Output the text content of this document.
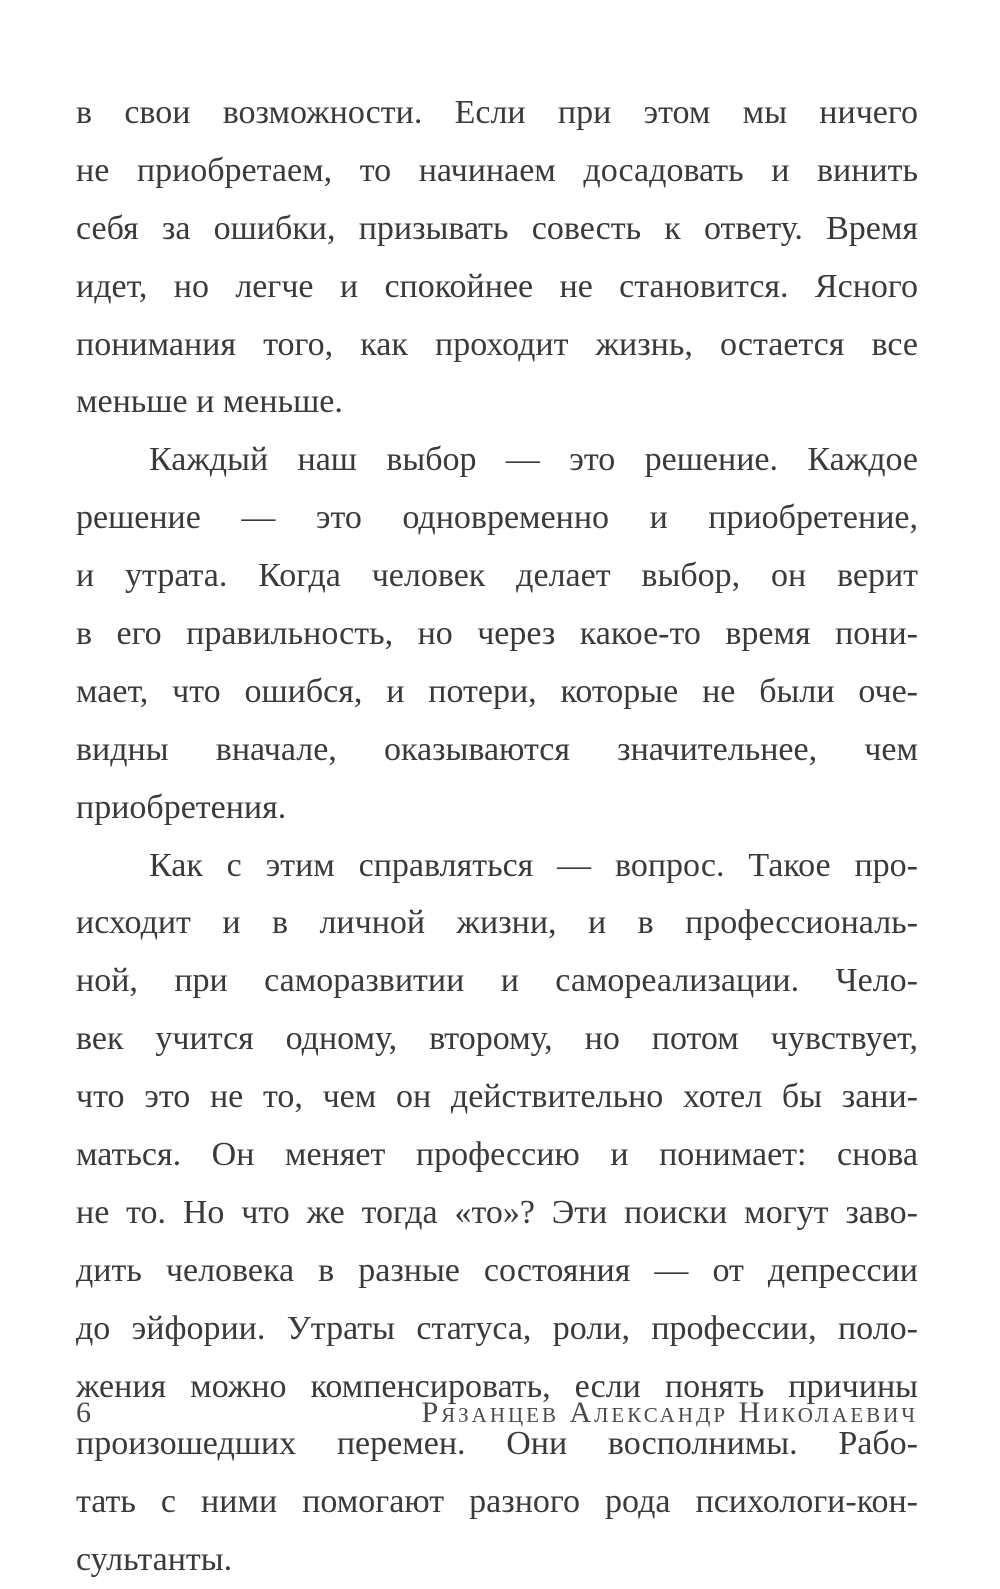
в свои возможности. Если при этом мы ничего
не приобретаем, то начинаем досадовать и винить
себя за ошибки, призывать совесть к ответу. Время
идет, но легче и спокойнее не становится. Ясного
понимания того, как проходит жизнь, остается все
меньше и меньше.
Каждый наш выбор — это решение. Каждое
решение — это одновременно и приобретение,
и утрата. Когда человек делает выбор, он верит
в его правильность, но через какое-то время пони-
мает, что ошибся, и потери, которые не были оче-
видны вначале, оказываются значительнее, чем
приобретения.
Как с этим справляться — вопрос. Такое про-
исходит и в личной жизни, и в профессиональ-
ной, при саморазвитии и самореализации. Чело-
век учится одному, второму, но потом чувствует,
что это не то, чем он действительно хотел бы зани-
маться. Он меняет профессию и понимает: снова
не то. Но что же тогда «то»? Эти поиски могут заво-
дить человека в разные состояния — от депрессии
до эйфории. Утраты статуса, роли, профессии, поло-
жения можно компенсировать, если понять причины
произошедших перемен. Они восполнимы. Рабо-
тать с ними помогают разного рода психологи-кон-
сультанты.
6	Рязанцев Александр Николаевич
